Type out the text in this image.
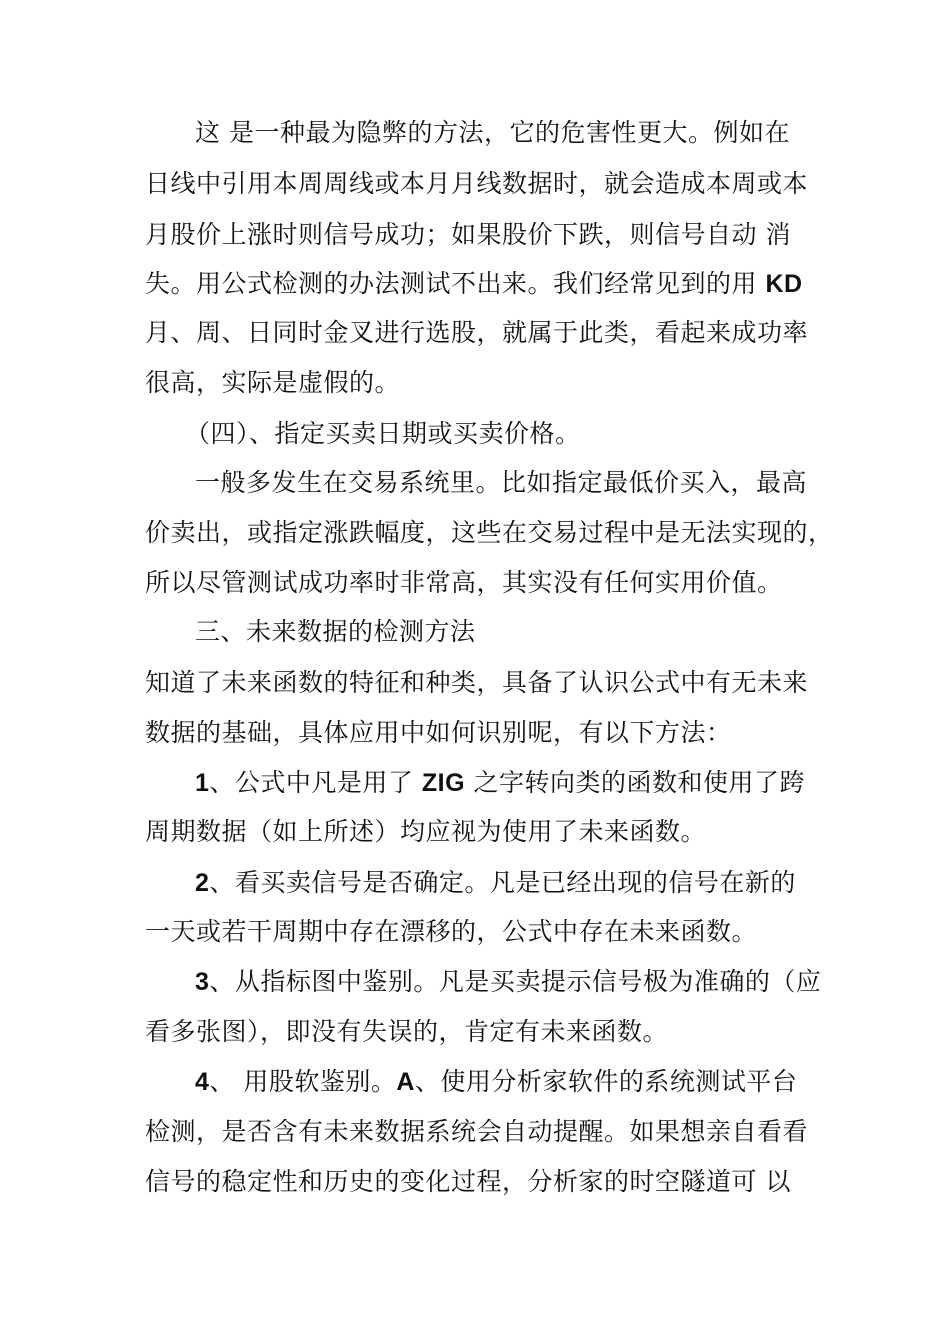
这 是一种最为隐弊的方法，它的危害性更大。例如在
日线中引用本周周线或本月月线数据时，就会造成本周或本
月股价上涨时则信号成功；如果股价下跌，则信号自动 消
失。用公式检测的办法测试不出来。我们经常见到的用 KD
月、周、日同时金叉进行选股，就属于此类，看起来成功率
很高，实际是虚假的。
（四）、指定买卖日期或买卖价格。
一般多发生在交易系统里。比如指定最低价买入，最高
价卖出，或指定涨跌幅度，这些在交易过程中是无法实现的，
所以尽管测试成功率时非常高，其实没有任何实用价值。
三、未来数据的检测方法
知道了未来函数的特征和种类，具备了认识公式中有无未来
数据的基础，具体应用中如何识别呢，有以下方法：
1、公式中凡是用了 ZIG 之字转向类的函数和使用了跨
周期数据（如上所述）均应视为使用了未来函数。
2、看买卖信号是否确定。凡是已经出现的信号在新的
一天或若干周期中存在漂移的，公式中存在未来函数。
3、从指标图中鉴别。凡是买卖提示信号极为准确的（应
看多张图），即没有失误的，肯定有未来函数。
4、 用股软鉴别。A、使用分析家软件的系统测试平台
检测，是否含有未来数据系统会自动提醒。如果想亲自看看
信号的稳定性和历史的变化过程，分析家的时空隧道可 以
